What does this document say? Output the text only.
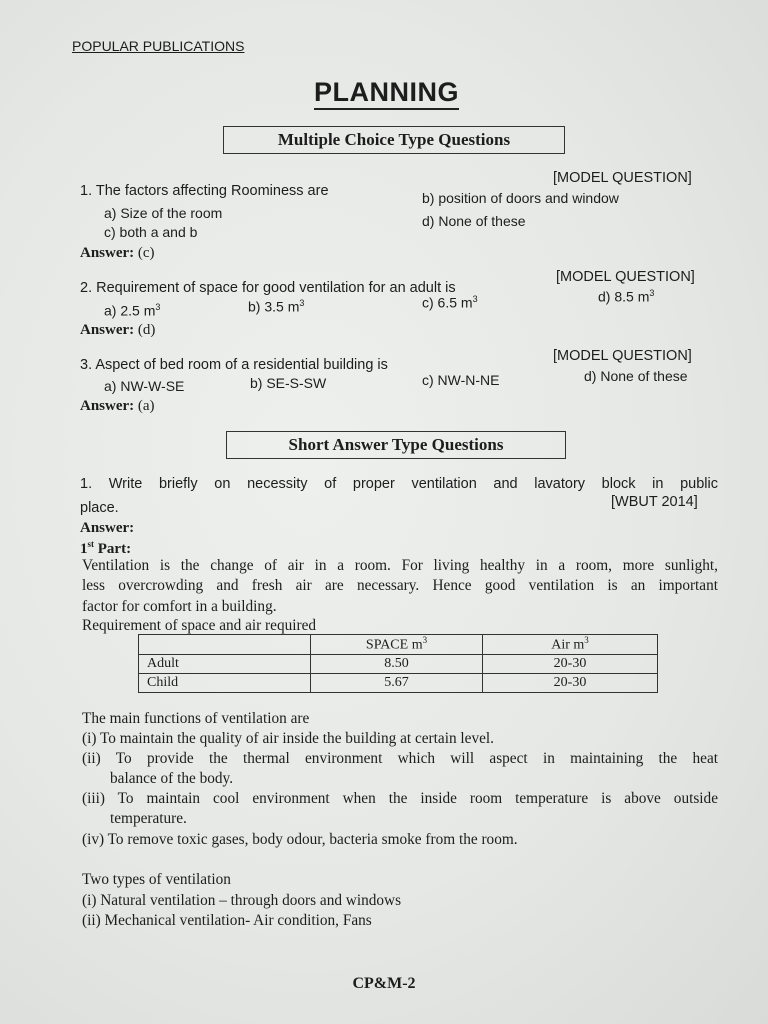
POPULAR PUBLICATIONS
PLANNING
Multiple Choice Type Questions
1. The factors affecting Roominess are
[MODEL QUESTION]
a) Size of the room
b) position of doors and window
c) both a and b
d) None of these
Answer: (c)
2. Requirement of space for good ventilation for an adult is
[MODEL QUESTION]
a) 2.5 $m^3$	b) 3.5 $m^3$	c) 6.5 $m^3$	d) 8.5 $m^3$
Answer: (d)
3. Aspect of bed room of a residential building is
[MODEL QUESTION]
a) NW-W-SE	b) SE-S-SW	c) NW-N-NE	d) None of these
Answer: (a)
Short Answer Type Questions
1. Write briefly on necessity of proper ventilation and lavatory block in public
place.	[WBUT 2014]
Answer:
1st Part:
Ventilation is the change of air in a room. For living healthy in a room, more sunlight,
less overcrowding and fresh air are necessary. Hence good ventilation is an important
factor for comfort in a building.
Requirement of space and air required
	SPACE $m^3$	Air $m^3$
Adult	8.50	20-30
Child	5.67	20-30
The main functions of ventilation are
(i) To maintain the quality of air inside the building at certain level.
(ii) To provide the thermal environment which will aspect in maintaining the heat
balance of the body.
(iii) To maintain cool environment when the inside room temperature is above outside
temperature.
(iv) To remove toxic gases, body odour, bacteria smoke from the room.
Two types of ventilation
(i) Natural ventilation – through doors and windows
(ii) Mechanical ventilation- Air condition, Fans
CP&M-2
